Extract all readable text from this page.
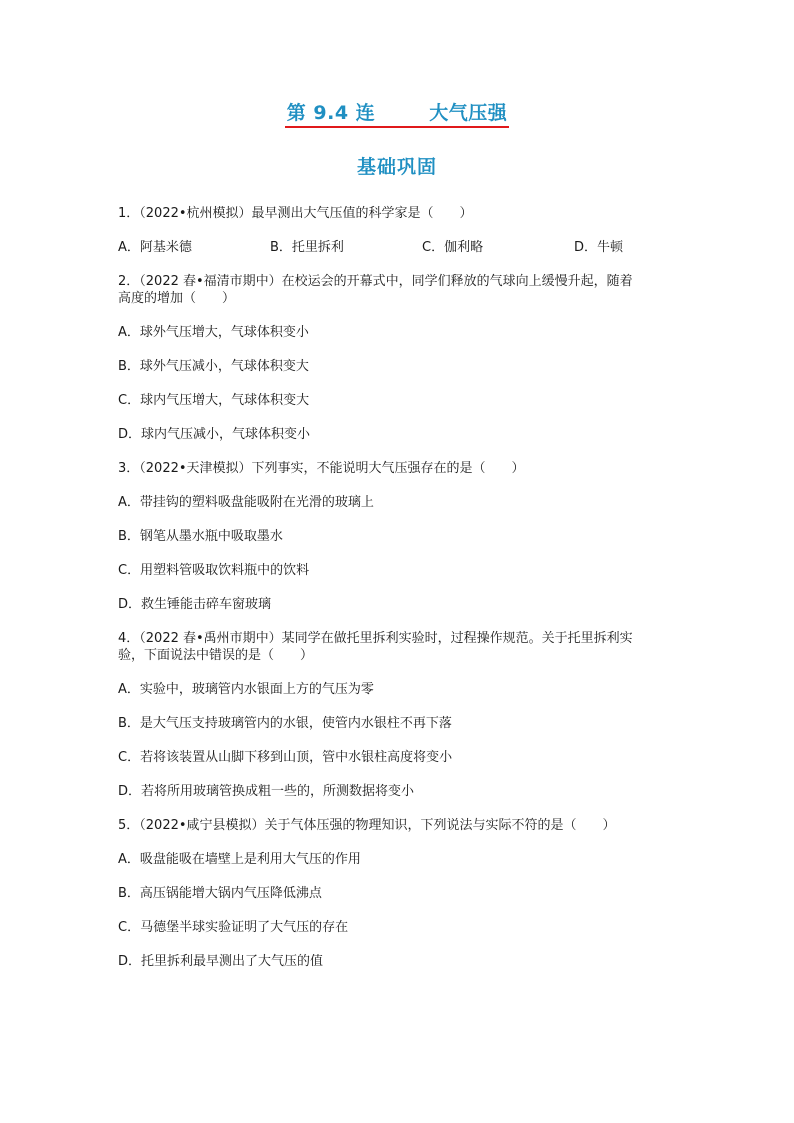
第 9.4 连	大气压强
基础巩固
1．（2022•杭州模拟）最早测出大气压值的科学家是（　　）
A．阿基米德	B．托里拆利	C．伽利略	D．牛顿
2．（2022 春•福清市期中）在校运会的开幕式中，同学们释放的气球向上缓慢升起，随着
高度的增加（　　）
A．球外气压增大，气球体积变小
B．球外气压减小，气球体积变大
C．球内气压增大，气球体积变大
D．球内气压减小，气球体积变小
3．（2022•天津模拟）下列事实，不能说明大气压强存在的是（　　）
A．带挂钩的塑料吸盘能吸附在光滑的玻璃上
B．钢笔从墨水瓶中吸取墨水
C．用塑料管吸取饮料瓶中的饮料
D．救生锤能击碎车窗玻璃
4．（2022 春•禹州市期中）某同学在做托里拆利实验时，过程操作规范。关于托里拆利实
验，下面说法中错误的是（　　）
A．实验中，玻璃管内水银面上方的气压为零
B．是大气压支持玻璃管内的水银，使管内水银柱不再下落
C．若将该装置从山脚下移到山顶，管中水银柱高度将变小
D．若将所用玻璃管换成粗一些的，所测数据将变小
5．（2022•咸宁县模拟）关于气体压强的物理知识，下列说法与实际不符的是（　　）
A．吸盘能吸在墙壁上是利用大气压的作用
B．高压锅能增大锅内气压降低沸点
C．马德堡半球实验证明了大气压的存在
D．托里拆利最早测出了大气压的值
